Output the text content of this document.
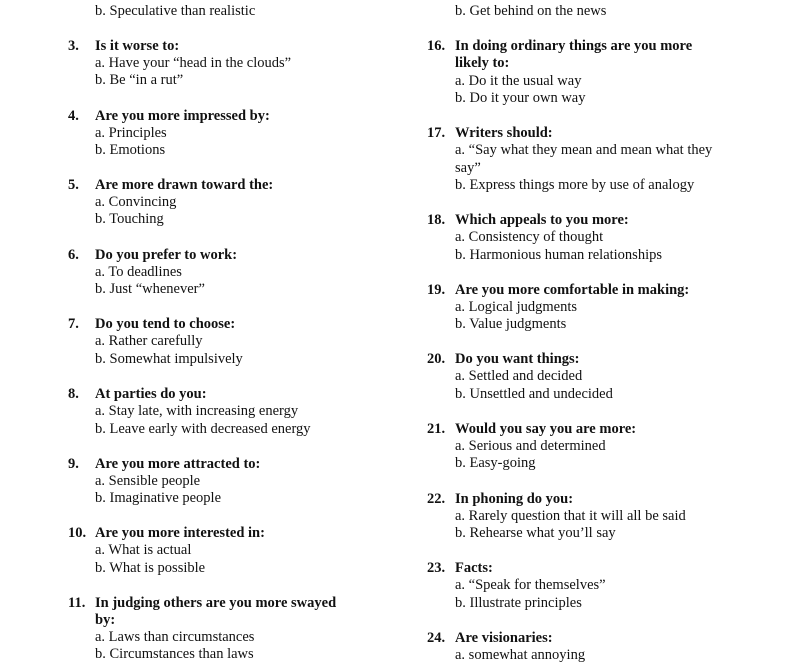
b. Speculative than realistic
3. Is it worse to:
a. Have your “head in the clouds”
b. Be “in a rut”
4. Are you more impressed by:
a. Principles
b. Emotions
5. Are more drawn toward the:
a. Convincing
b. Touching
6. Do you prefer to work:
a. To deadlines
b. Just “whenever”
7. Do you tend to choose:
a. Rather carefully
b. Somewhat impulsively
8. At parties do you:
a. Stay late, with increasing energy
b. Leave early with decreased energy
9. Are you more attracted to:
a. Sensible people
b. Imaginative people
10. Are you more interested in:
a. What is actual
b. What is possible
11. In judging others are you more swayed
by:
a. Laws than circumstances
b. Circumstances than laws
b. Get behind on the news
16. In doing ordinary things are you more
likely to:
a. Do it the usual way
b. Do it your own way
17. Writers should:
a. “Say what they mean and mean what they
say”
b. Express things more by use of analogy
18. Which appeals to you more:
a. Consistency of thought
b. Harmonious human relationships
19. Are you more comfortable in making:
a. Logical judgments
b. Value judgments
20. Do you want things:
a. Settled and decided
b. Unsettled and undecided
21. Would you say you are more:
a. Serious and determined
b. Easy-going
22. In phoning do you:
a. Rarely question that it will all be said
b. Rehearse what you’ll say
23. Facts:
a. “Speak for themselves”
b. Illustrate principles
24. Are visionaries:
a. somewhat annoying
